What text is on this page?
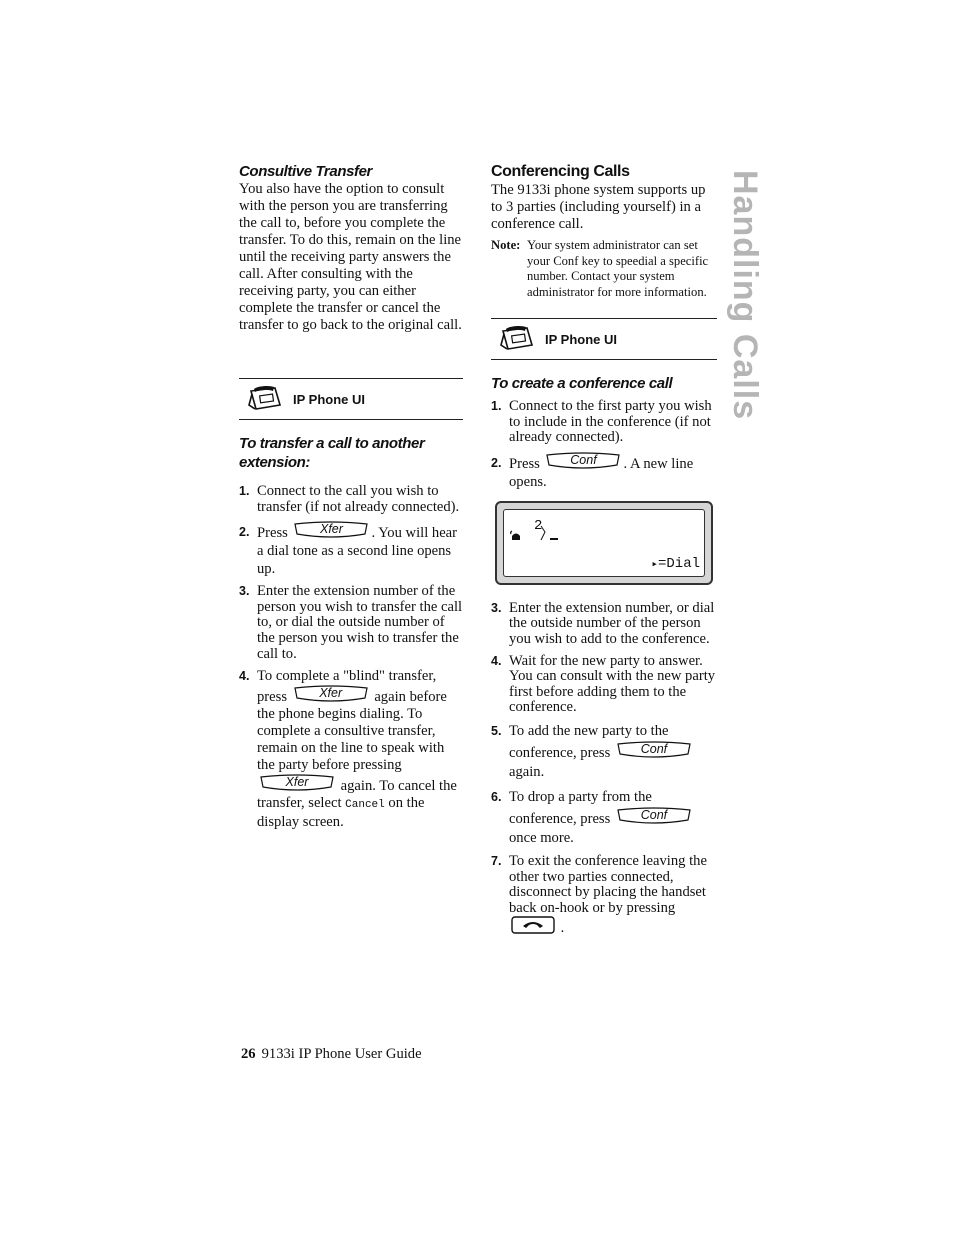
Handling Calls
Consultive Transfer

You also have the option to consult with the person you are transferring the call to, before you complete the transfer. To do this, remain on the line until the receiving party answers the call. After consulting with the receiving party, you can either complete the transfer or cancel the transfer to go back to the original call.

IP Phone UI
To transfer a call to another extension:
1. Connect to the call you wish to transfer (if not already connected).
2. Press	Xfer	. You will hear a dial tone as a second line opens up.
3. Enter the extension number of the person you wish to transfer the call to, or dial the outside number of the person you wish to transfer the call to.
4. To complete a "blind" transfer, press	Xfer	again before the phone begins dialing. To complete a consultive transfer, remain on the line to speak with the party before pressing
Xfer	again. To cancel the transfer, select Cancel on the display screen.
Conferencing Calls

The 9133i phone system supports up to 3 parties (including yourself) in a conference call.

Note: Your system administrator can set your Conf key to speedial a specific number. Contact your system administrator for more information.
IP Phone UI
To create a conference call
1. Connect to the first party you wish to include in the conference (if not already connected).
2. Press	Conf	. A new line opens.
2
▸=Dial
3. Enter the extension number, or dial the outside number of the person you wish to add to the conference.
4. Wait for the new party to answer. You can consult with the new party first before adding them to the conference.
5. To add the new party to the conference, press	Conf
again.
6. To drop a party from the conference, press	Conf
once more.
7. To exit the conference leaving the other two parties connected, disconnect by placing the handset back on-hook or by pressing  .
26 9133i IP Phone User Guide
